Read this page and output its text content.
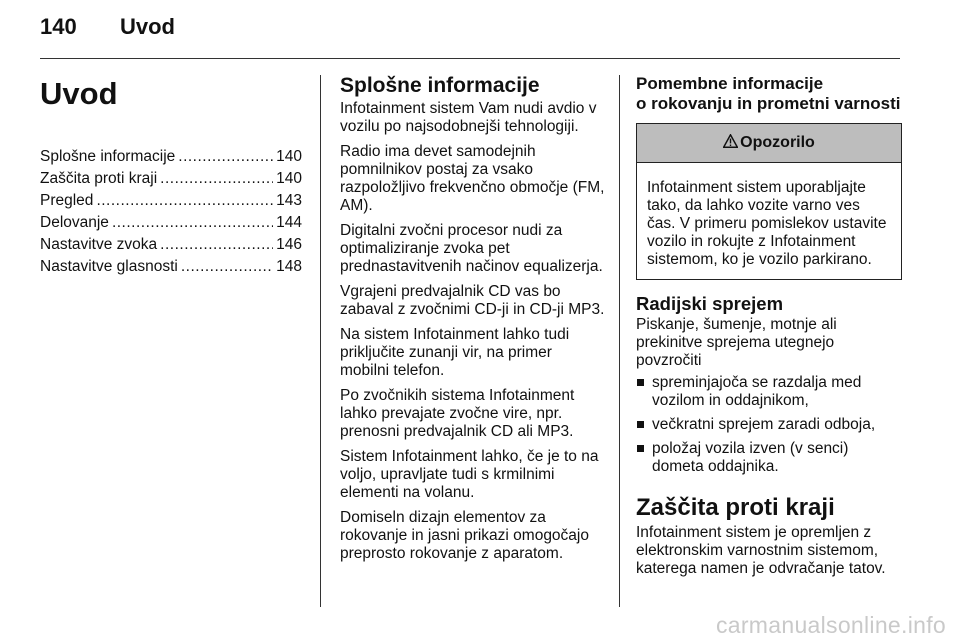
140 Uvod
Uvod
Splošne informacije .....	140
Zaščita proti kraji .....	140
Pregled .....	143
Delovanje .....	144
Nastavitve zvoka .....	146
Nastavitve glasnosti .....	148
Splošne informacije

Infotainment sistem Vam nudi avdio v vozilu po najsodobnejši tehnologiji.

Radio ima devet samodejnih pomnilnikov postaj za vsako razpoložljivo frekvenčno območje (FM, AM).

Digitalni zvočni procesor nudi za optimaliziranje zvoka pet prednastavitvenih načinov equalizerja.

Vgrajeni predvajalnik CD vas bo zabaval z zvočnimi CD-ji in CD-ji MP3.

Na sistem Infotainment lahko tudi priključite zunanji vir, na primer mobilni telefon.

Po zvočnikih sistema Infotainment lahko prevajate zvočne vire, npr. prenosni predvajalnik CD ali MP3.

Sistem Infotainment lahko, če je to na voljo, upravljate tudi s krmilnimi elementi na volanu.

Domiseln dizajn elementov za rokovanje in jasni prikazi omogočajo preprosto rokovanje z aparatom.

Pomembne informacije
o rokovanju in prometni varnosti
Opozorilo
Infotainment sistem uporabljajte tako, da lahko vozite varno ves čas. V primeru pomislekov ustavite vozilo in rokujte z Infotainment sistemom, ko je vozilo parkirano.
Radijski sprejem

Piskanje, šumenje, motnje ali prekinitve sprejema utegnejo povzročiti

spreminjajoča se razdalja med vozilom in oddajnikom,
večkratni sprejem zaradi odboja,
položaj vozila izven (v senci) dometa oddajnika.
Zaščita proti kraji

Infotainment sistem je opremljen z elektronskim varnostnim sistemom, katerega namen je odvračanje tatov.

carmanualsonline.info
